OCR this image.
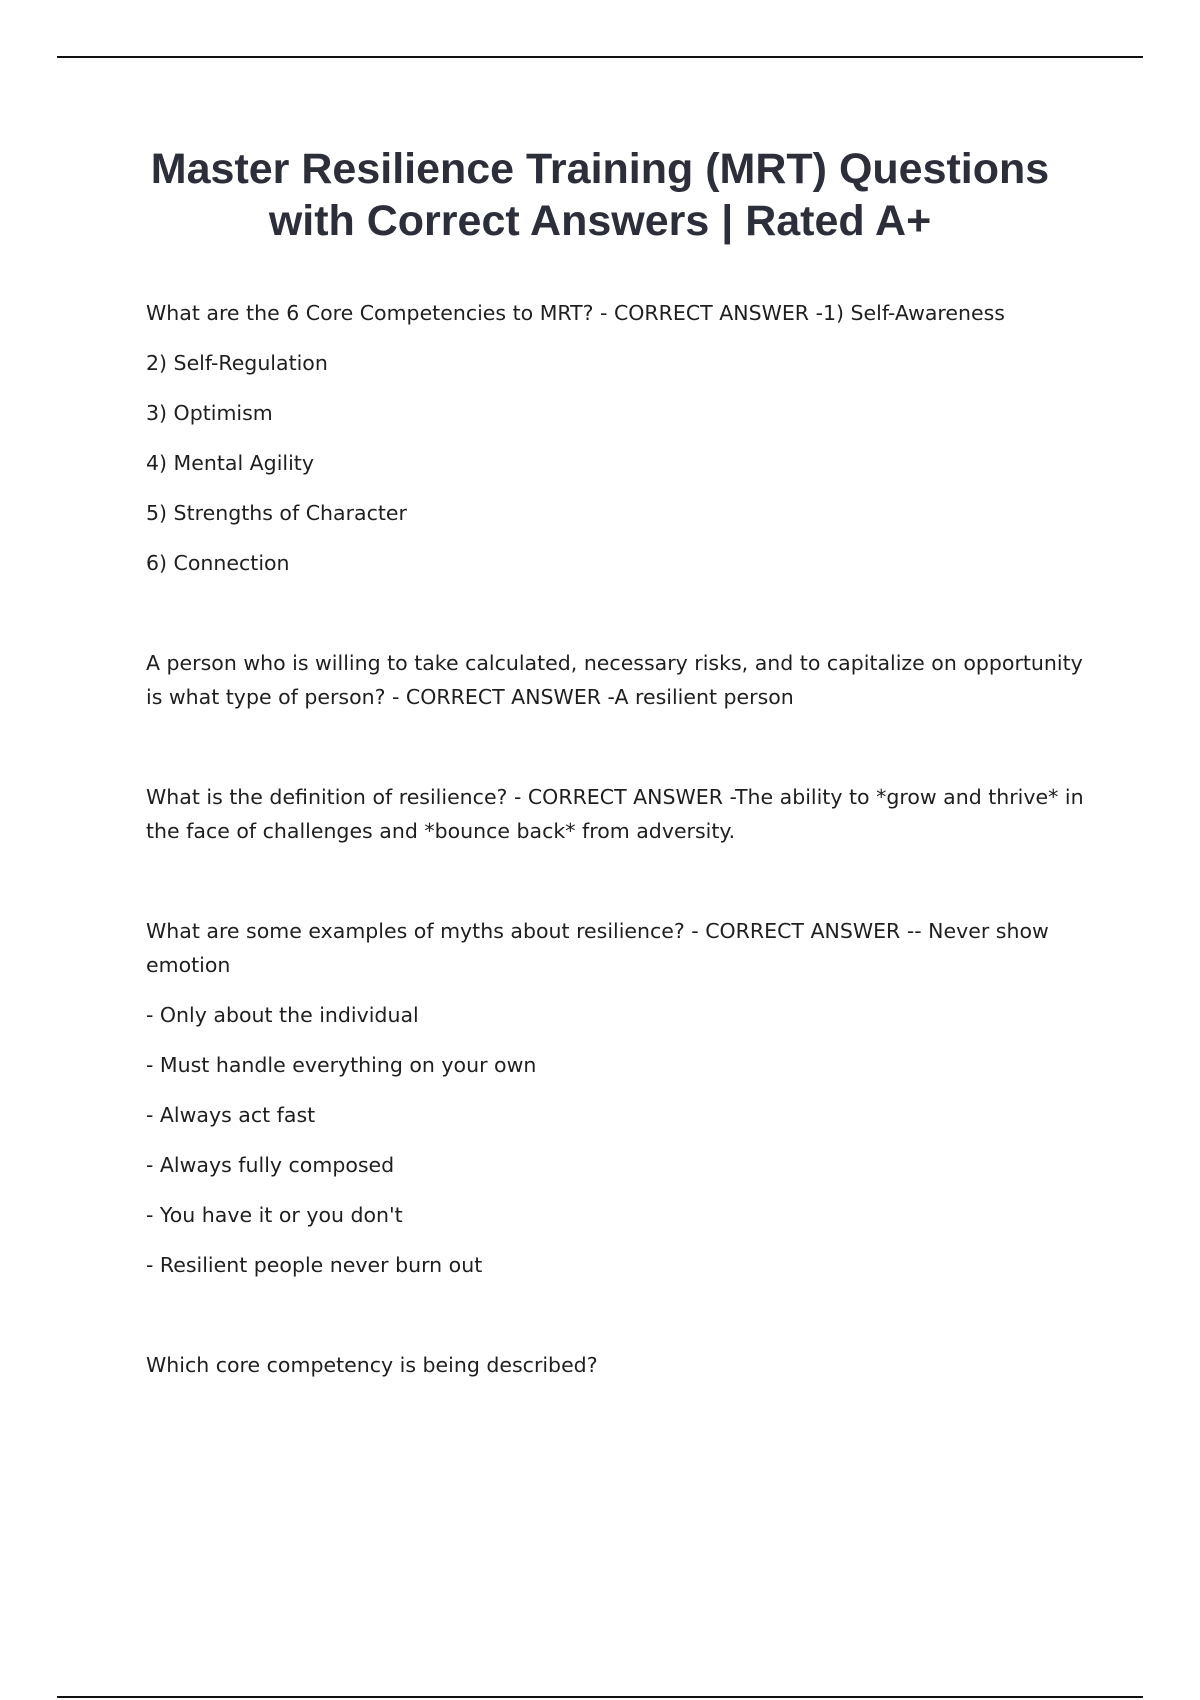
Master Resilience Training (MRT) Questions
with Correct Answers | Rated A+

What are the 6 Core Competencies to MRT? - CORRECT ANSWER -1) Self-Awareness

2) Self-Regulation

3) Optimism

4) Mental Agility

5) Strengths of Character

6) Connection

A person who is willing to take calculated, necessary risks, and to capitalize on opportunity is what type of person? - CORRECT ANSWER -A resilient person

What is the definition of resilience? - CORRECT ANSWER -The ability to *grow and thrive* in the face of challenges and *bounce back* from adversity.

What are some examples of myths about resilience? - CORRECT ANSWER -- Never show emotion

- Only about the individual

- Must handle everything on your own

- Always act fast

- Always fully composed

- You have it or you don't

- Resilient people never burn out

Which core competency is being described?
